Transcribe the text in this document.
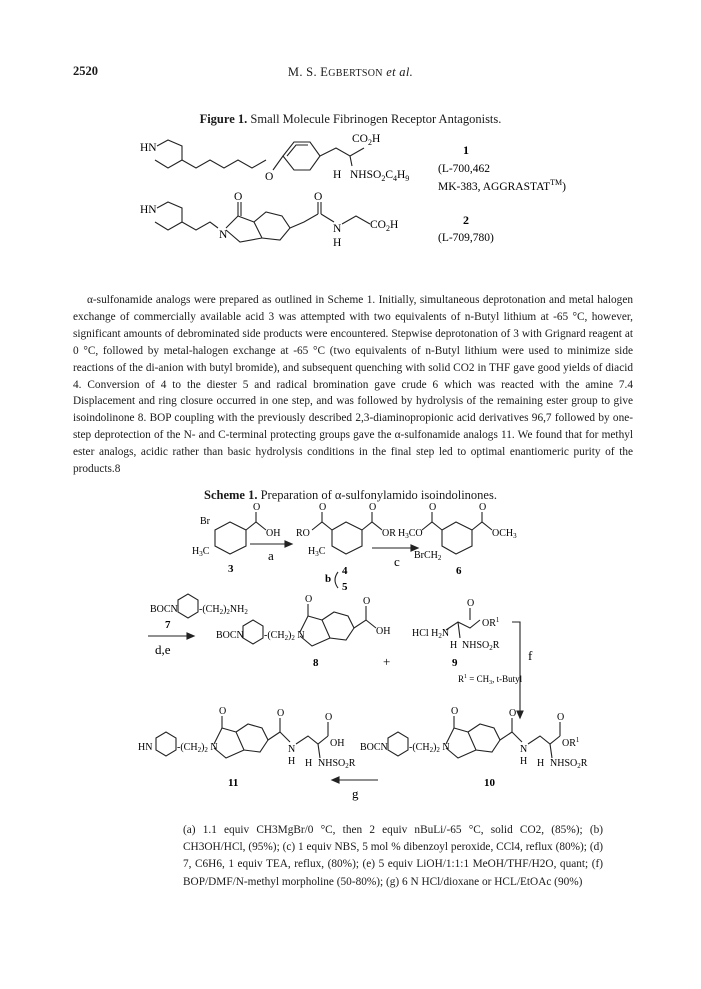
2520	M. S. EGBERTSON et al.
Figure 1. Small Molecule Fibrinogen Receptor Antagonists.
HN
O
$CO_2H$
H $NHSO_2C_4H_9$
1
(L-700,462
MK-383, AGGRASTAT™)
HN
N
O	O
N
H
$CO_2H$	2
(L-709,780)

α-sulfonamide analogs were prepared as outlined in Scheme 1. Initially, simultaneous deprotonation and metal halogen exchange of commercially available acid 3 was attempted with two equivalents of n-Butyl lithium at -65 °C, however, significant amounts of debrominated side products were encountered. Stepwise deprotonation of 3 with Grignard reagent at 0 °C, followed by metal-halogen exchange at -65 °C (two equivalents of n-Butyl lithium were used to minimize side reactions of the di-anion with butyl bromide), and subsequent quenching with solid CO2 in THF gave good yields of diacid 4. Conversion of 4 to the diester 5 and radical bromination gave crude 6 which was reacted with the amine 7.4 Displacement and ring closure occurred in one step, and was followed by hydrolysis of the remaining ester group to give isoindolinone 8. BOP coupling with the previously described 2,3-diaminopropionic acid derivatives 96,7 followed by one-step deprotection of the N- and C-terminal protecting groups gave the α-sulfonamide analogs 11. We found that for methyl ester analogs, acidic rather than basic hydrolysis conditions in the final step led to optimal enantiomeric purity of the products.8

Scheme 1. Preparation of α-sulfonylamido isoindolinones.
Br
O
OH
$H_3C$
3
a
RO
O	O
OR
$H_3C$
b
4
5
c
$H_3CO$
O	O
$OCH_3$
BrCH$_2$
6
BOCN $-(CH_2)_2NH_2$
7
d,e
BOCN $-(CH_2)_2$ N
O	O
OH
8	+
HCl $H_2N$
O
$OR^1$
H $NHSO_2R$
9
$R^1 = CH_3$, t-Butyl
f
HN $-(CH_2)_2$ N
O	O
N
H
O
OH
H $NHSO_2R$
11
g
BOCN $-(CH_2)_2$ N
O	O
N
H
O
$OR^1$
H $NHSO_2R$
10
(a) 1.1 equiv CH3MgBr/0 °C, then 2 equiv nBuLi/-65 °C, solid CO2, (85%); (b) CH3OH/HCl, (95%); (c) 1 equiv NBS, 5 mol % dibenzoyl peroxide, CCl4, reflux (80%); (d) 7, C6H6, 1 equiv TEA, reflux, (80%); (e) 5 equiv LiOH/1:1:1 MeOH/THF/H2O, quant; (f) BOP/DMF/N-methyl morpholine (50-80%); (g) 6 N HCl/dioxane or HCL/EtOAc (90%)
